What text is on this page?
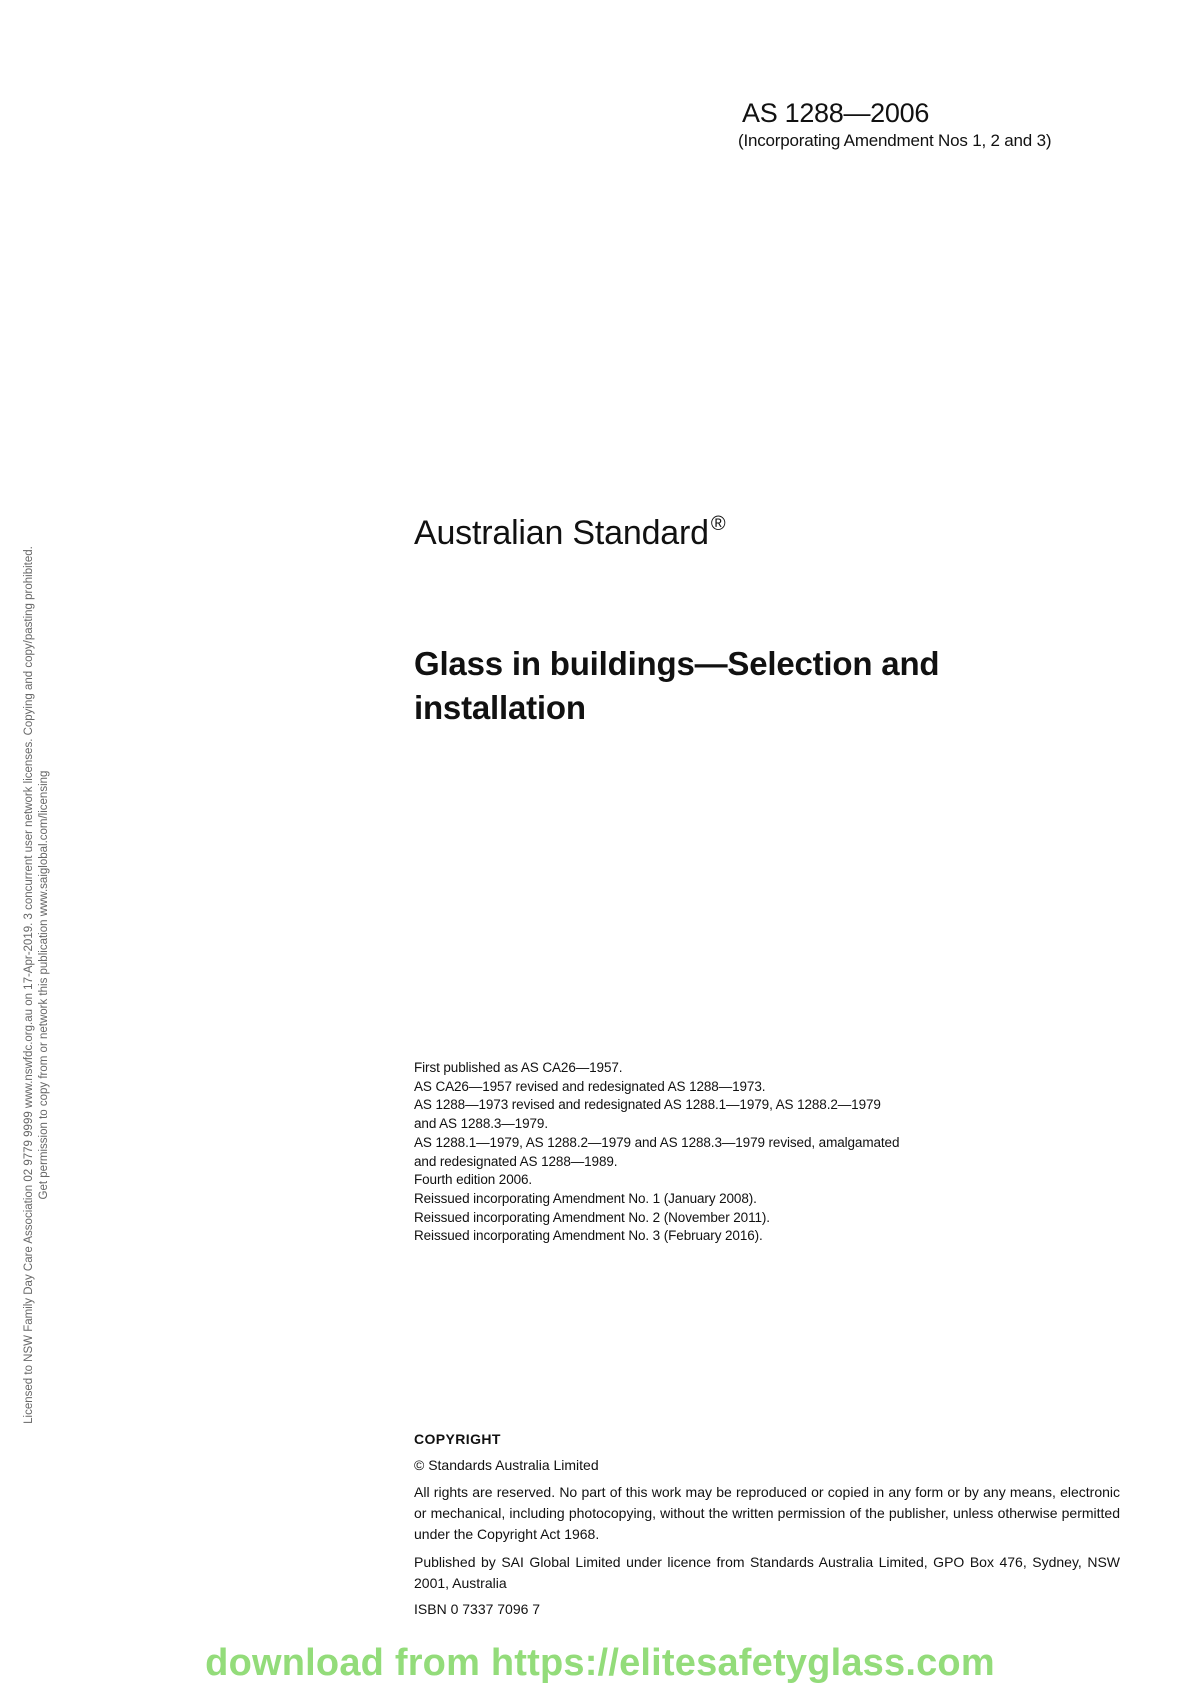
AS 1288—2006
(Incorporating Amendment Nos 1, 2 and 3)
Licensed to NSW Family Day Care Association 02 9779 9999 www.nswfdc.org.au on 17-Apr-2019. 3 concurrent user network licenses. Copying and copy/pasting prohibited. Get permission to copy from or network this publication www.saiglobal.com/licensing
Australian Standard ®
Glass in buildings—Selection and
installation
First published as AS CA26—1957.
AS CA26—1957 revised and redesignated AS 1288—1973.
AS 1288—1973 revised and redesignated AS 1288.1—1979, AS 1288.2—1979
and AS 1288.3—1979.
AS 1288.1—1979, AS 1288.2—1979 and AS 1288.3—1979 revised, amalgamated
and redesignated AS 1288—1989.
Fourth edition 2006.
Reissued incorporating Amendment No. 1 (January 2008).
Reissued incorporating Amendment No. 2 (November 2011).
Reissued incorporating Amendment No. 3 (February 2016).
COPYRIGHT
© Standards Australia Limited

All rights are reserved. No part of this work may be reproduced or copied in any form or by any means, electronic or mechanical, including photocopying, without the written permission of the publisher, unless otherwise permitted under the Copyright Act 1968.

Published by SAI Global Limited under licence from Standards Australia Limited, GPO Box 476, Sydney, NSW 2001, Australia

ISBN 0 7337 7096 7
download from https://elitesafetyglass.com
